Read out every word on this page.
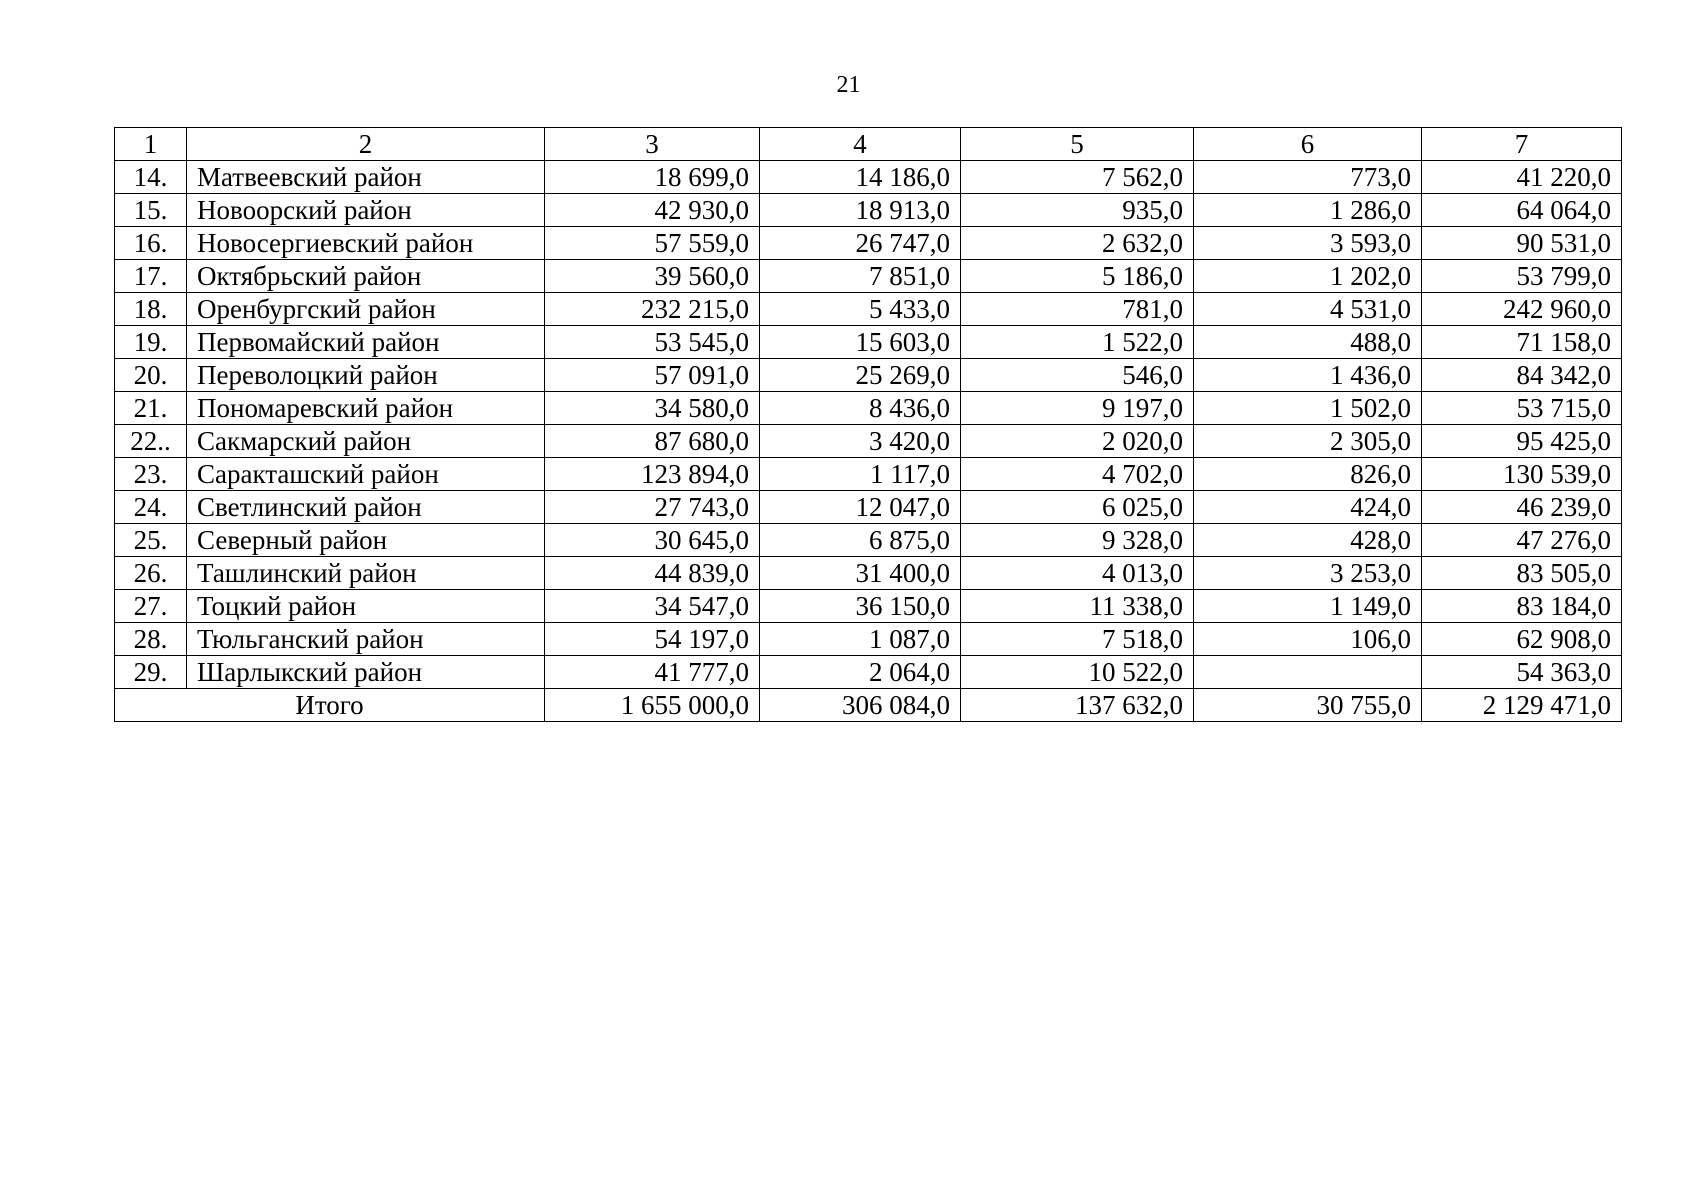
21
1	2	3	4	5	6	7
14.	Матвеевский район	18 699,0	14 186,0	7 562,0	773,0	41 220,0
15.	Новоорский район	42 930,0	18 913,0	935,0	1 286,0	64 064,0
16.	Новосергиевский район	57 559,0	26 747,0	2 632,0	3 593,0	90 531,0
17.	Октябрьский район	39 560,0	7 851,0	5 186,0	1 202,0	53 799,0
18.	Оренбургский район	232 215,0	5 433,0	781,0	4 531,0	242 960,0
19.	Первомайский район	53 545,0	15 603,0	1 522,0	488,0	71 158,0
20.	Переволоцкий район	57 091,0	25 269,0	546,0	1 436,0	84 342,0
21.	Пономаревский район	34 580,0	8 436,0	9 197,0	1 502,0	53 715,0
22..	Сакмарский район	87 680,0	3 420,0	2 020,0	2 305,0	95 425,0
23.	Саракташский район	123 894,0	1 117,0	4 702,0	826,0	130 539,0
24.	Светлинский район	27 743,0	12 047,0	6 025,0	424,0	46 239,0
25.	Северный район	30 645,0	6 875,0	9 328,0	428,0	47 276,0
26.	Ташлинский район	44 839,0	31 400,0	4 013,0	3 253,0	83 505,0
27.	Тоцкий район	34 547,0	36 150,0	11 338,0	1 149,0	83 184,0
28.	Тюльганский район	54 197,0	1 087,0	7 518,0	106,0	62 908,0
29.	Шарлыкский район	41 777,0	2 064,0	10 522,0		54 363,0
Итого		1 655 000,0	306 084,0	137 632,0	30 755,0	2 129 471,0
